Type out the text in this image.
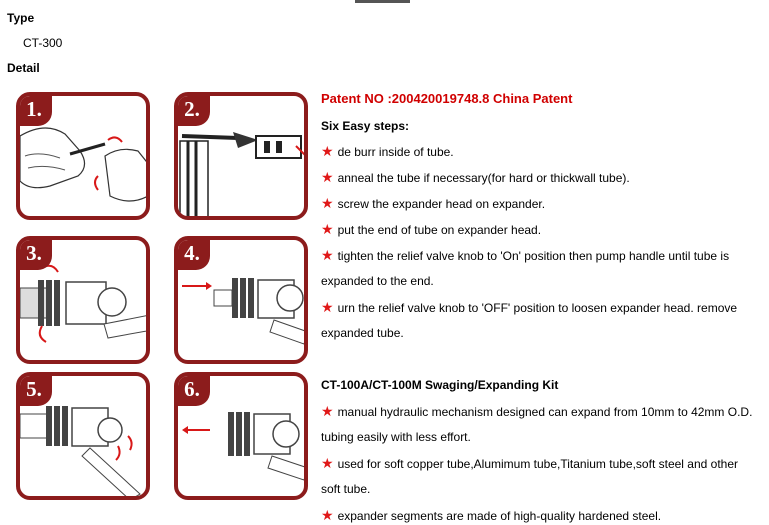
Type
CT-300
Detail
1.	2.
3.	4.
5.	6.
Patent NO :200420019748.8 China Patent
Six Easy steps:
★ de burr inside of tube.
★ anneal the tube if necessary(for hard or thickwall tube).
★ screw the expander head on expander.
★ put the end of tube on expander head.
★ tighten the relief valve knob to 'On' position then pump handle until tube is
expanded to the end.
★ urn the relief valve knob to 'OFF' position to loosen expander head. remove
expanded tube.
CT-100A/CT-100M Swaging/Expanding Kit
★ manual hydraulic mechanism designed can expand from 10mm to 42mm O.D.
tubing easily with less effort.
★ used for soft copper tube,Alumimum tube,Titanium tube,soft steel and other
soft tube.
★ expander segments are made of high-quality hardened steel.
